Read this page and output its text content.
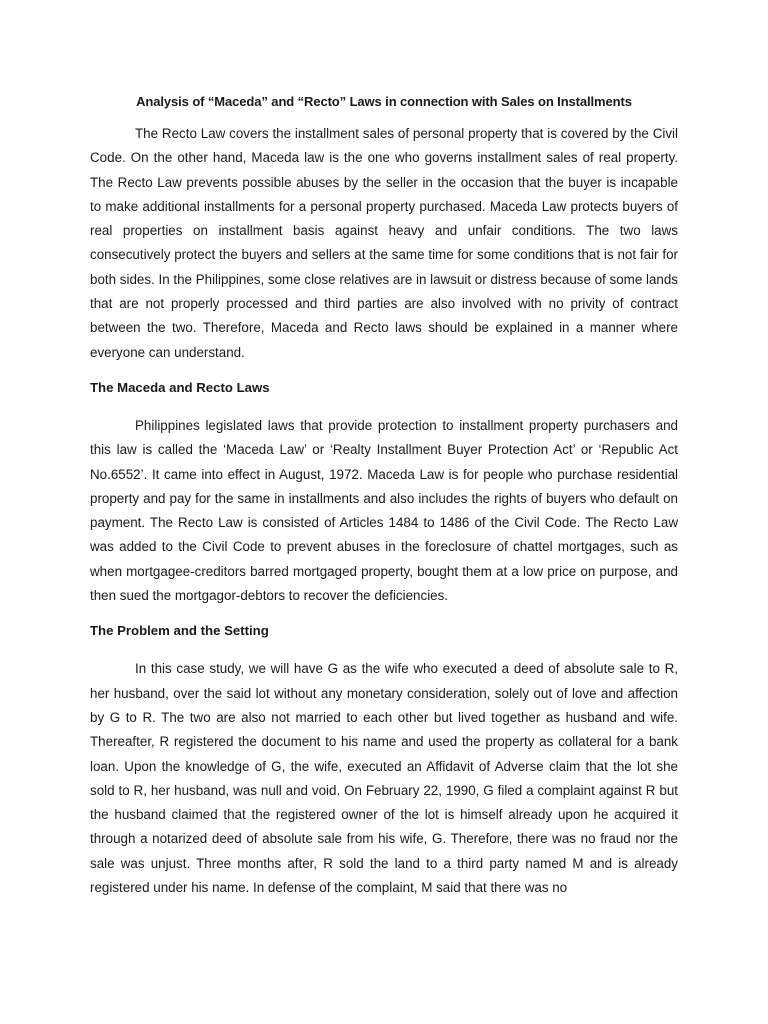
Analysis of “Maceda” and “Recto” Laws in connection with Sales on Installments

The Recto Law covers the installment sales of personal property that is covered by the Civil Code. On the other hand, Maceda law is the one who governs installment sales of real property. The Recto Law prevents possible abuses by the seller in the occasion that the buyer is incapable to make additional installments for a personal property purchased. Maceda Law protects buyers of real properties on installment basis against heavy and unfair conditions. The two laws consecutively protect the buyers and sellers at the same time for some conditions that is not fair for both sides. In the Philippines, some close relatives are in lawsuit or distress because of some lands that are not properly processed and third parties are also involved with no privity of contract between the two. Therefore, Maceda and Recto laws should be explained in a manner where everyone can understand.

The Maceda and Recto Laws

Philippines legislated laws that provide protection to installment property purchasers and this law is called the ‘Maceda Law’ or ‘Realty Installment Buyer Protection Act’ or ‘Republic Act No.6552’. It came into effect in August, 1972. Maceda Law is for people who purchase residential property and pay for the same in installments and also includes the rights of buyers who default on payment. The Recto Law is consisted of Articles 1484 to 1486 of the Civil Code. The Recto Law was added to the Civil Code to prevent abuses in the foreclosure of chattel mortgages, such as when mortgagee-creditors barred mortgaged property, bought them at a low price on purpose, and then sued the mortgagor-debtors to recover the deficiencies.

The Problem and the Setting

In this case study, we will have G as the wife who executed a deed of absolute sale to R, her husband, over the said lot without any monetary consideration, solely out of love and affection by G to R. The two are also not married to each other but lived together as husband and wife. Thereafter, R registered the document to his name and used the property as collateral for a bank loan. Upon the knowledge of G, the wife, executed an Affidavit of Adverse claim that the lot she sold to R, her husband, was null and void. On February 22, 1990, G filed a complaint against R but the husband claimed that the registered owner of the lot is himself already upon he acquired it through a notarized deed of absolute sale from his wife, G. Therefore, there was no fraud nor the sale was unjust. Three months after, R sold the land to a third party named M and is already registered under his name. In defense of the complaint, M said that there was no
